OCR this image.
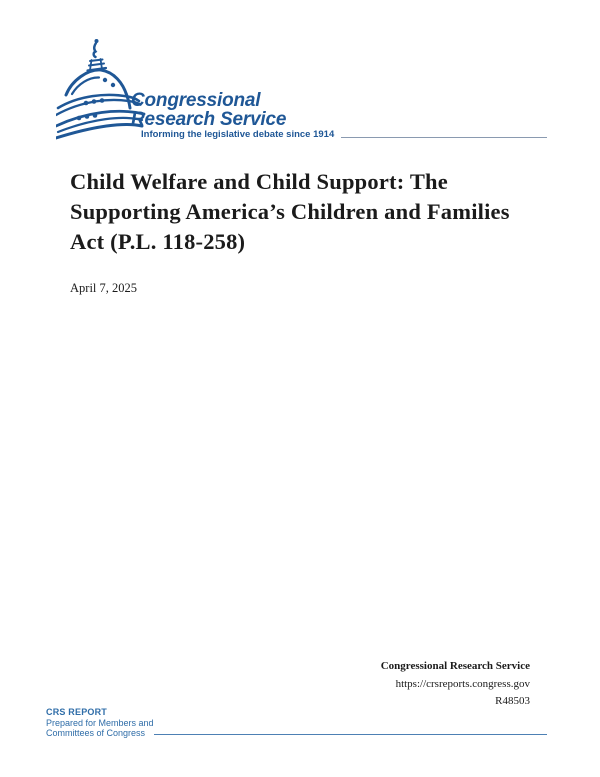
Congressional
Research Service
Informing the legislative debate since 1914
Child Welfare and Child Support: The
Supporting America’s Children and Families
Act (P.L. 118-258)
April 7, 2025
Congressional Research Service
https://crsreports.congress.gov
R48503
CRS REPORT
Prepared for Members and
Committees of Congress
